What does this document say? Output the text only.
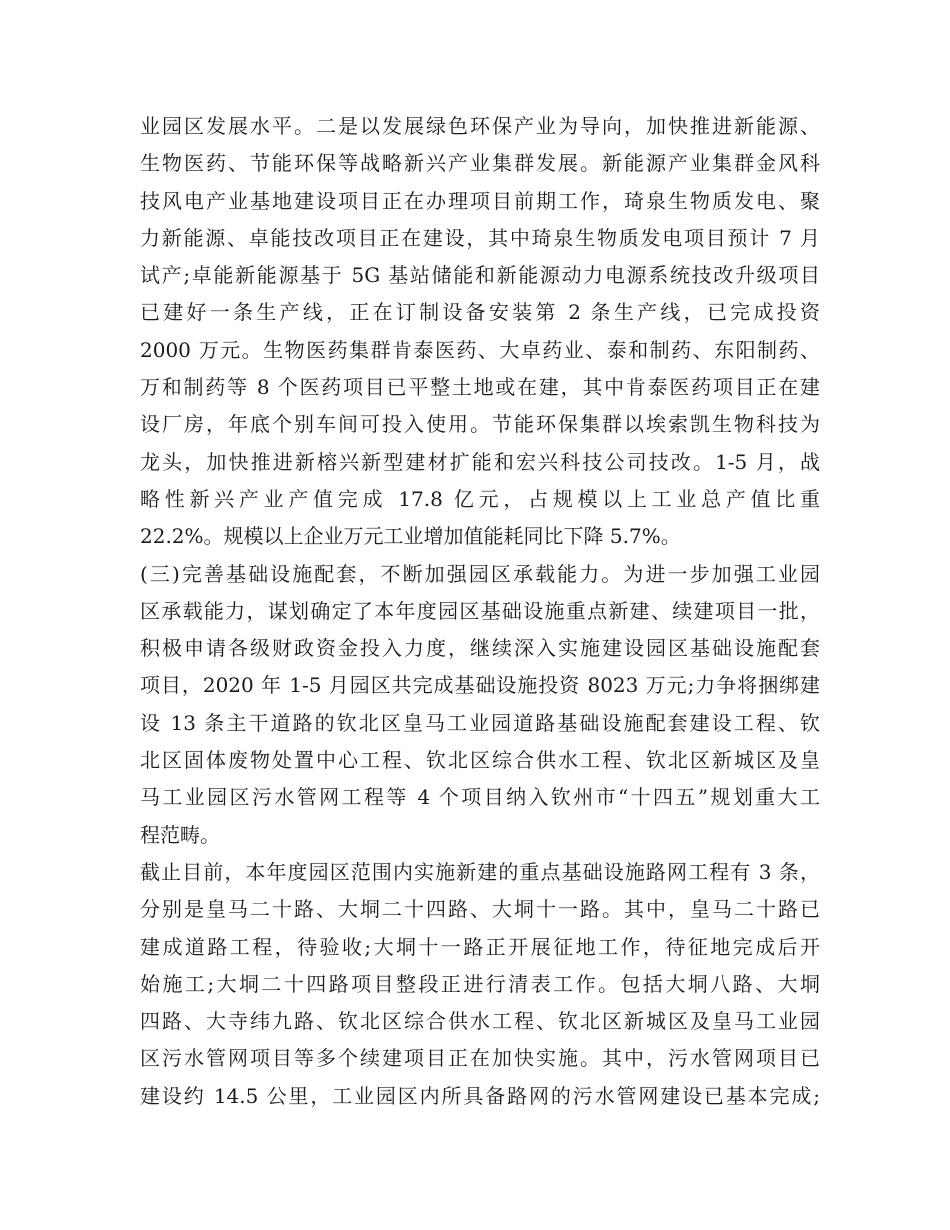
业园区发展水平。二是以发展绿色环保产业为导向，加快推进新能源、
生物医药、节能环保等战略新兴产业集群发展。新能源产业集群金风科
技风电产业基地建设项目正在办理项目前期工作，琦泉生物质发电、聚
力新能源、卓能技改项目正在建设，其中琦泉生物质发电项目预计 7 月
试产;卓能新能源基于 5G 基站储能和新能源动力电源系统技改升级项目
已建好一条生产线，正在订制设备安装第 2 条生产线，已完成投资
2000 万元。生物医药集群肯泰医药、大卓药业、泰和制药、东阳制药、
万和制药等 8 个医药项目已平整土地或在建，其中肯泰医药项目正在建
设厂房，年底个别车间可投入使用。节能环保集群以埃索凯生物科技为
龙头，加快推进新榕兴新型建材扩能和宏兴科技公司技改。1-5 月，战
略性新兴产业产值完成 17.8 亿元，占规模以上工业总产值比重
22.2%。规模以上企业万元工业增加值能耗同比下降 5.7%。
(三)完善基础设施配套，不断加强园区承载能力。为进一步加强工业园
区承载能力，谋划确定了本年度园区基础设施重点新建、续建项目一批，
积极申请各级财政资金投入力度，继续深入实施建设园区基础设施配套
项目，2020 年 1-5 月园区共完成基础设施投资 8023 万元;力争将捆绑建
设 13 条主干道路的钦北区皇马工业园道路基础设施配套建设工程、钦
北区固体废物处置中心工程、钦北区综合供水工程、钦北区新城区及皇
马工业园区污水管网工程等 4 个项目纳入钦州市“十四五”规划重大工
程范畴。
截止目前，本年度园区范围内实施新建的重点基础设施路网工程有 3 条，
分别是皇马二十路、大垌二十四路、大垌十一路。其中，皇马二十路已
建成道路工程，待验收;大垌十一路正开展征地工作，待征地完成后开
始施工;大垌二十四路项目整段正进行清表工作。包括大垌八路、大垌
四路、大寺纬九路、钦北区综合供水工程、钦北区新城区及皇马工业园
区污水管网项目等多个续建项目正在加快实施。其中，污水管网项目已
建设约 14.5 公里，工业园区内所具备路网的污水管网建设已基本完成;
